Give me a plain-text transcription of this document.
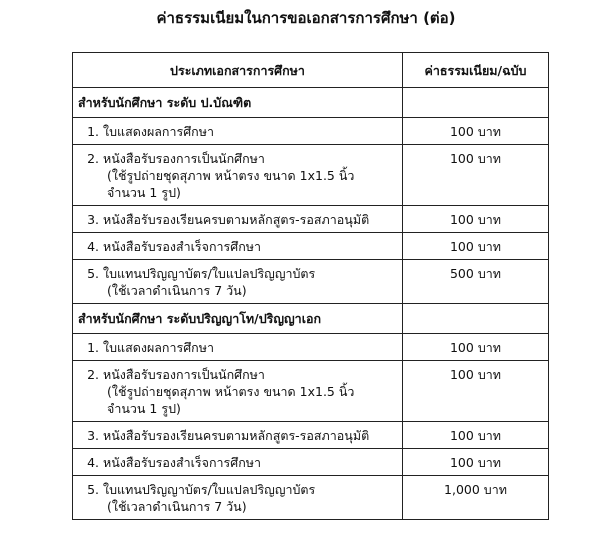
ค่าธรรมเนียมในการขอเอกสารการศึกษา (ต่อ)
ประเภทเอกสารการศึกษา	ค่าธรรมเนียม/ฉบับ
สำหรับนักศึกษา ระดับ ป.บัณฑิต	

1. ใบแสดงผลการศึกษา	100 บาท

2. หนังสือรับรองการเป็นนักศึกษา
(ใช้รูปถ่ายชุดสุภาพ หน้าตรง ขนาด 1x1.5 นิ้ว
จำนวน 1 รูป)	100 บาท

3. หนังสือรับรองเรียนครบตามหลักสูตร-รอสภาอนุมัติ	100 บาท

4. หนังสือรับรองสำเร็จการศึกษา	100 บาท

5. ใบแทนปริญญาบัตร/ใบแปลปริญญาบัตร
(ใช้เวลาดำเนินการ 7 วัน)	500 บาท
สำหรับนักศึกษา ระดับปริญญาโท/ปริญญาเอก	

1. ใบแสดงผลการศึกษา	100 บาท

2. หนังสือรับรองการเป็นนักศึกษา
(ใช้รูปถ่ายชุดสุภาพ หน้าตรง ขนาด 1x1.5 นิ้ว
จำนวน 1 รูป)	100 บาท

3. หนังสือรับรองเรียนครบตามหลักสูตร-รอสภาอนุมัติ	100 บาท

4. หนังสือรับรองสำเร็จการศึกษา	100 บาท

5. ใบแทนปริญญาบัตร/ใบแปลปริญญาบัตร
(ใช้เวลาดำเนินการ 7 วัน)	1,000 บาท
